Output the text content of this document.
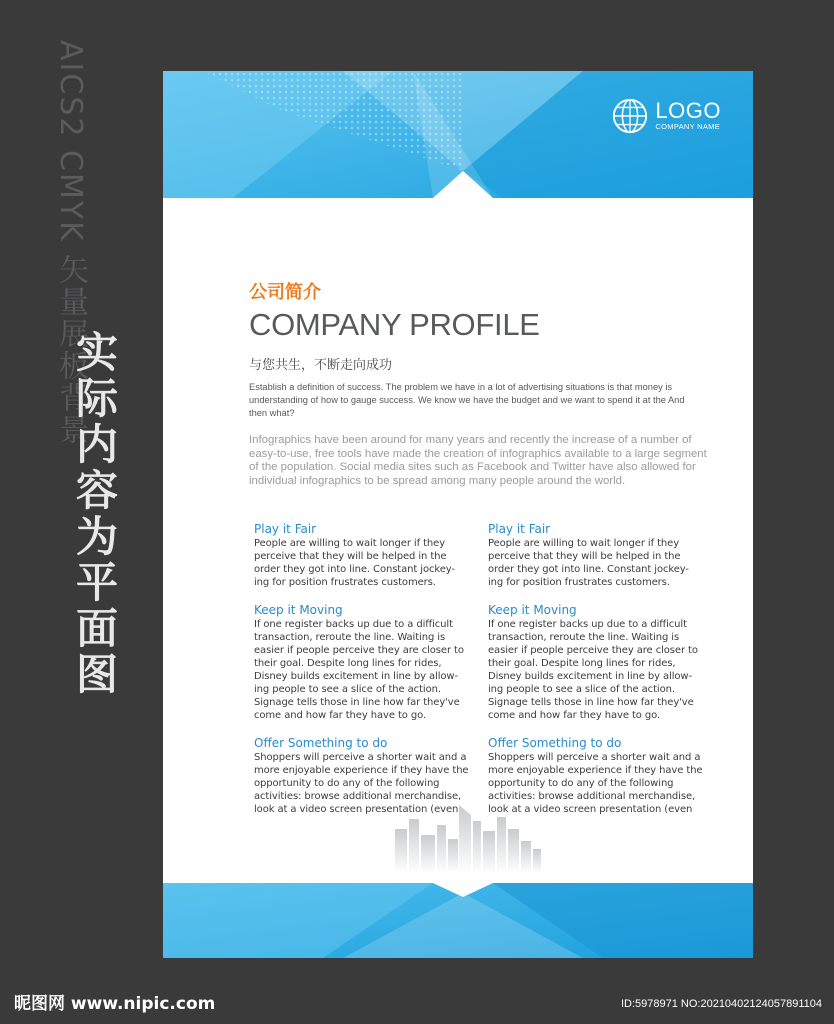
AICS2 CMYK 矢量展板背景
实际内容为平面图
LOGO
COMPANY NAME

公司简介

COMPANY PROFILE

与您共生，不断走向成功

Establish a definition of success. The problem we have in a lot of advertising situations is that money is understanding of how to gauge success. We know we have the budget and we want to spend it at the And then what?

Infographics have been around for many years and recently the increase of a number of easy-to-use, free tools have made the creation of infographics available to a large segment of the population. Social media sites such as Facebook and Twitter have also allowed for individual infographics to be spread among many people around the world.

Play it Fair

People are willing to wait longer if they perceive that they will be helped in the order they got into line. Constant jockey-ing for position frustrates customers.

Keep it Moving

If one register backs up due to a difficult transaction, reroute the line. Waiting is easier if people perceive they are closer to their goal. Despite long lines for rides, Disney builds excitement in line by allow-ing people to see a slice of the action. Signage tells those in line how far they've come and how far they have to go.

Offer Something to do

Shoppers will perceive a shorter wait and a more enjoyable experience if they have the opportunity to do any of the following activities: browse additional merchandise, look at a video screen presentation (even

Play it Fair

People are willing to wait longer if they perceive that they will be helped in the order they got into line. Constant jockey-ing for position frustrates customers.

Keep it Moving

If one register backs up due to a difficult transaction, reroute the line. Waiting is easier if people perceive they are closer to their goal. Despite long lines for rides, Disney builds excitement in line by allow-ing people to see a slice of the action. Signage tells those in line how far they've come and how far they have to go.

Offer Something to do

Shoppers will perceive a shorter wait and a more enjoyable experience if they have the opportunity to do any of the following activities: browse additional merchandise, look at a video screen presentation (even

昵图网 www.nipic.com	ID:5978971 NO:20210402124057891104
